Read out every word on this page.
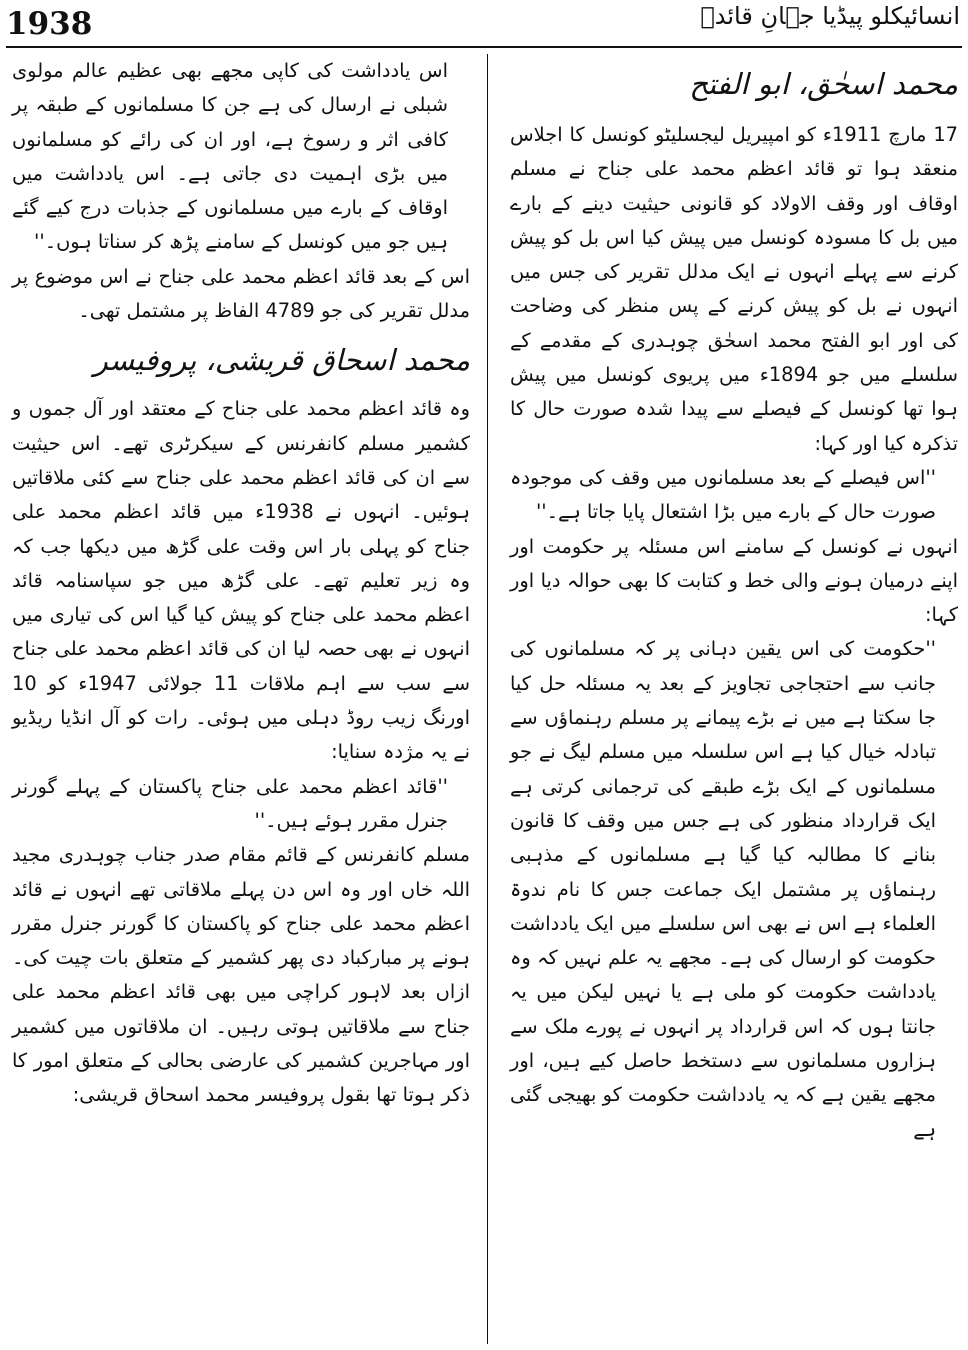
1938	انسائیکلو پیڈیا جہانِ قائدؒ
محمد اسحٰق، ابو الفتح

17 مارچ 1911ء کو امپیریل لیجسلیٹو کونسل کا اجلاس منعقد ہوا تو قائد اعظم محمد علی جناح نے مسلم اوقاف اور وقف الاولاد کو قانونی حیثیت دینے کے بارے میں بل کا مسودہ کونسل میں پیش کیا اس بل کو پیش کرنے سے پہلے انہوں نے ایک مدلل تقریر کی جس میں انہوں نے بل کو پیش کرنے کے پس منظر کی وضاحت کی اور ابو الفتح محمد اسحٰق چوہدری کے مقدمے کے سلسلے میں جو 1894ء میں پریوی کونسل میں پیش ہوا تھا کونسل کے فیصلے سے پیدا شدہ صورت حال کا تذکرہ کیا اور کہا:

''اس فیصلے کے بعد مسلمانوں میں وقف کی موجودہ صورت حال کے بارے میں بڑا اشتعال پایا جاتا ہے۔''

انہوں نے کونسل کے سامنے اس مسئلہ پر حکومت اور اپنے درمیان ہونے والی خط و کتابت کا بھی حوالہ دیا اور کہا:

''حکومت کی اس یقین دہانی پر کہ مسلمانوں کی جانب سے احتجاجی تجاویز کے بعد یہ مسئلہ حل کیا جا سکتا ہے میں نے بڑے پیمانے پر مسلم رہنماؤں سے تبادلہ خیال کیا ہے اس سلسلہ میں مسلم لیگ نے جو مسلمانوں کے ایک بڑے طبقے کی ترجمانی کرتی ہے ایک قرارداد منظور کی ہے جس میں وقف کا قانون بنانے کا مطالبہ کیا گیا ہے مسلمانوں کے مذہبی رہنماؤں پر مشتمل ایک جماعت جس کا نام ندوۃ العلماء ہے اس نے بھی اس سلسلے میں ایک یادداشت حکومت کو ارسال کی ہے۔ مجھے یہ علم نہیں کہ وہ یادداشت حکومت کو ملی ہے یا نہیں لیکن میں یہ جانتا ہوں کہ اس قرارداد پر انہوں نے پورے ملک سے ہزاروں مسلمانوں سے دستخط حاصل کیے ہیں، اور مجھے یقین ہے کہ یہ یادداشت حکومت کو بھیجی گئی ہے

اس یادداشت کی کاپی مجھے بھی عظیم عالم مولوی شبلی نے ارسال کی ہے جن کا مسلمانوں کے طبقہ پر کافی اثر و رسوخ ہے، اور ان کی رائے کو مسلمانوں میں بڑی اہمیت دی جاتی ہے۔ اس یادداشت میں اوقاف کے بارے میں مسلمانوں کے جذبات درج کیے گئے ہیں جو میں کونسل کے سامنے پڑھ کر سناتا ہوں۔''

اس کے بعد قائد اعظم محمد علی جناح نے اس موضوع پر مدلل تقریر کی جو 4789 الفاظ پر مشتمل تھی۔

محمد اسحاق قریشی، پروفیسر

وہ قائد اعظم محمد علی جناح کے معتقد اور آل جموں و کشمیر مسلم کانفرنس کے سیکرٹری تھے۔ اس حیثیت سے ان کی قائد اعظم محمد علی جناح سے کئی ملاقاتیں ہوئیں۔ انہوں نے 1938ء میں قائد اعظم محمد علی جناح کو پہلی بار اس وقت علی گڑھ میں دیکھا جب کہ وہ زیر تعلیم تھے۔ علی گڑھ میں جو سپاسنامہ قائد اعظم محمد علی جناح کو پیش کیا گیا اس کی تیاری میں انہوں نے بھی حصہ لیا ان کی قائد اعظم محمد علی جناح سے سب سے اہم ملاقات 11 جولائی 1947ء کو 10 اورنگ زیب روڈ دہلی میں ہوئی۔ رات کو آل انڈیا ریڈیو نے یہ مژدہ سنایا:

''قائد اعظم محمد علی جناح پاکستان کے پہلے گورنر جنرل مقرر ہوئے ہیں۔''

مسلم کانفرنس کے قائم مقام صدر جناب چوہدری مجید اللہ خاں اور وہ اس دن پہلے ملاقاتی تھے انہوں نے قائد اعظم محمد علی جناح کو پاکستان کا گورنر جنرل مقرر ہونے پر مبارکباد دی پھر کشمیر کے متعلق بات چیت کی۔ ازاں بعد لاہور کراچی میں بھی قائد اعظم محمد علی جناح سے ملاقاتیں ہوتی رہیں۔ ان ملاقاتوں میں کشمیر اور مہاجرین کشمیر کی عارضی بحالی کے متعلق امور کا ذکر ہوتا تھا بقول پروفیسر محمد اسحاق قریشی:
